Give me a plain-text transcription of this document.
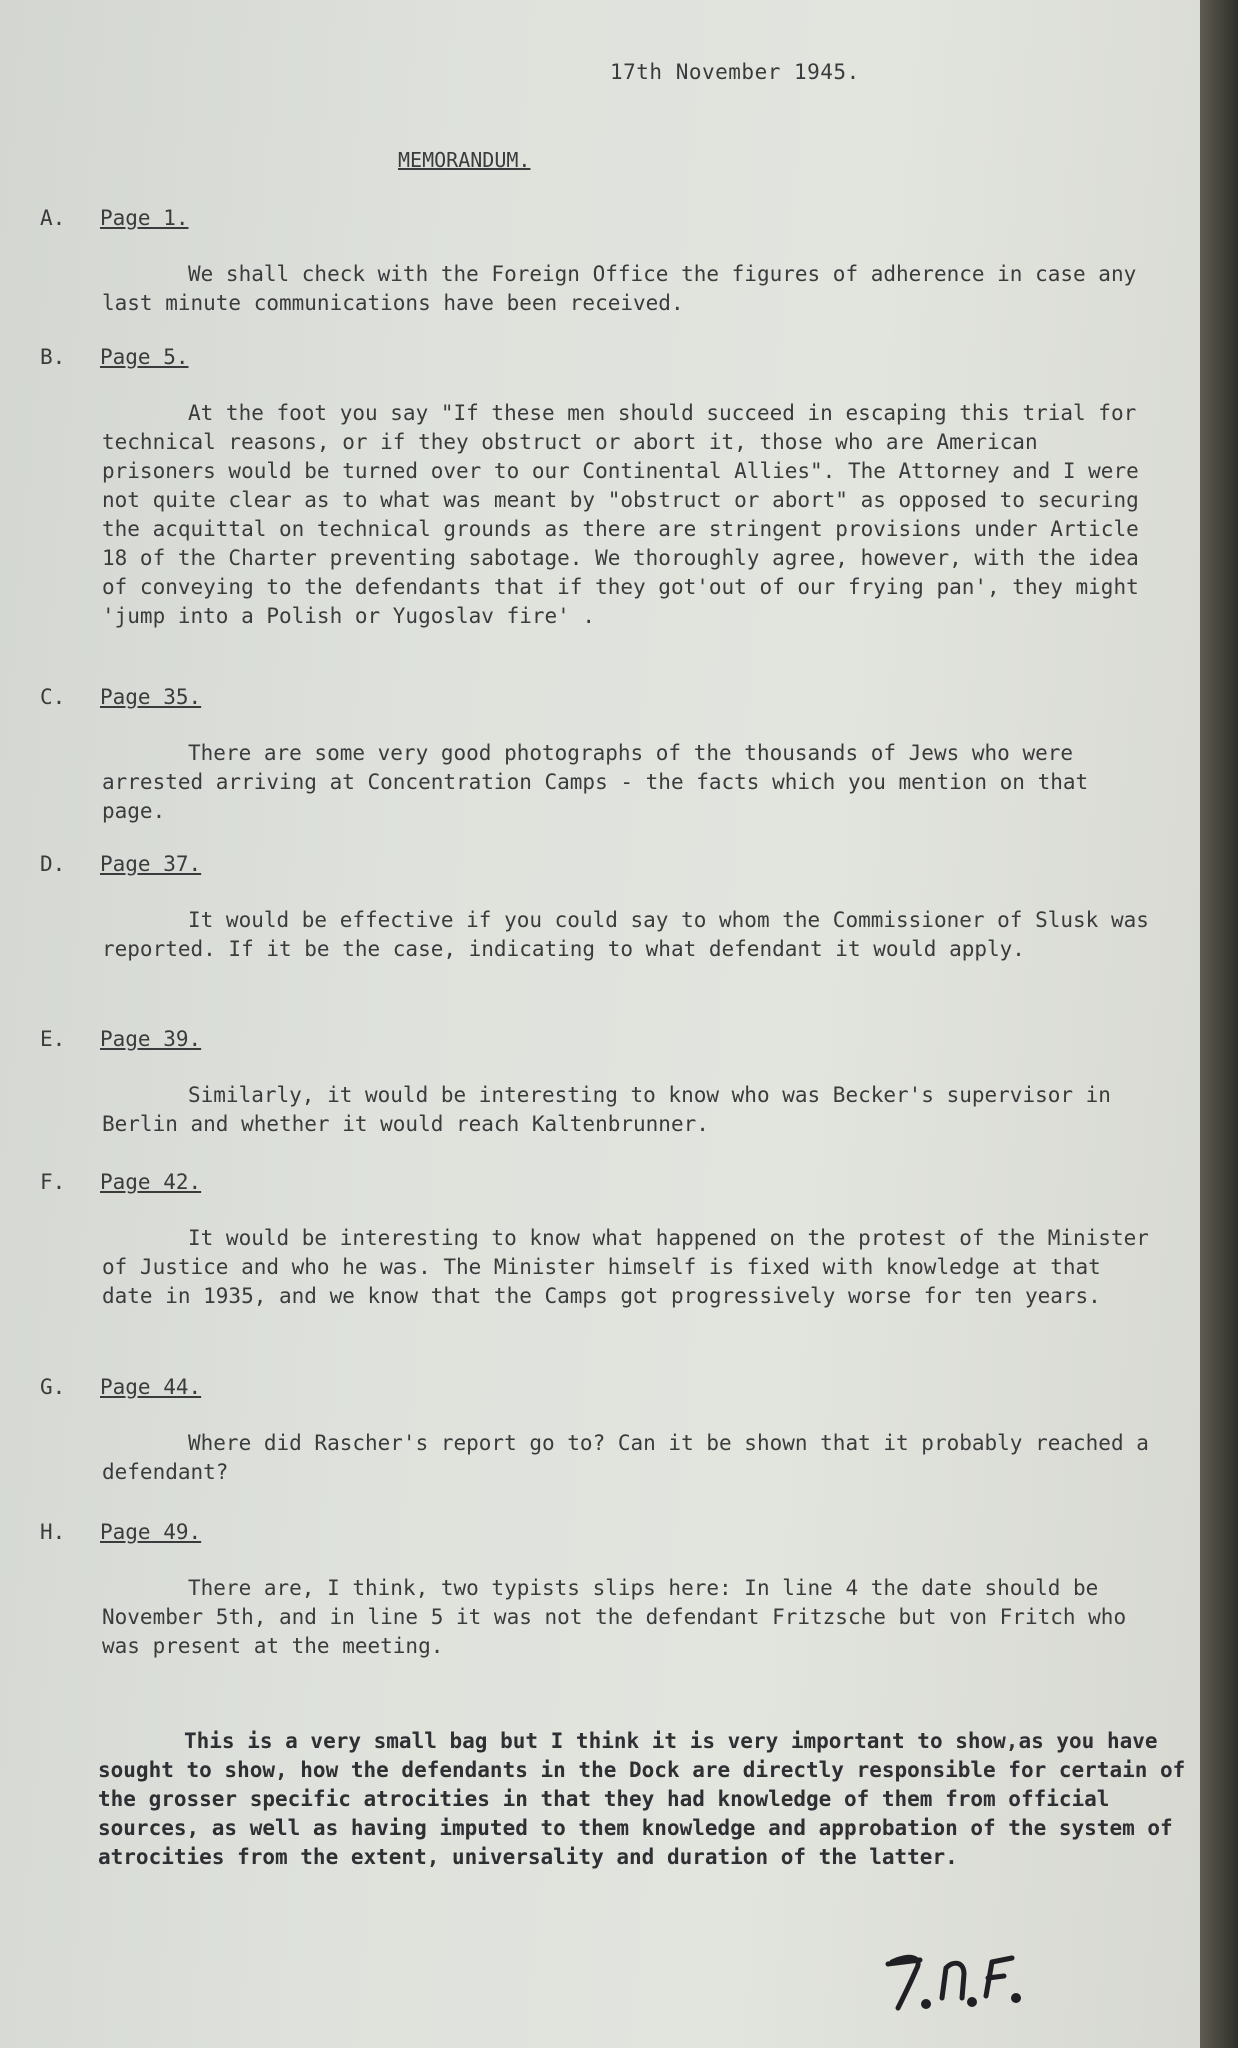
17th November 1945.

MEMORANDUM.

A. Page 1.

We shall check with the Foreign Office the figures of adherence in case any last minute communications have been received.

B. Page 5.

At the foot you say "If these men should succeed in escaping this trial for technical reasons, or if they obstruct or abort it, those who are American prisoners would be turned over to our Continental Allies". The Attorney and I were not quite clear as to what was meant by "obstruct or abort" as opposed to securing the acquittal on technical grounds as there are stringent provisions under Article 18 of the Charter preventing sabotage. We thoroughly agree, however, with the idea of conveying to the defendants that if they got'out of our frying pan', they might 'jump into a Polish or Yugoslav fire' .

C. Page 35.

There are some very good photographs of the thousands of Jews who were arrested arriving at Concentration Camps - the facts which you mention on that page.

D. Page 37.

It would be effective if you could say to whom the Commissioner of Slusk was reported. If it be the case, indicating to what defendant it would apply.

E. Page 39.

Similarly, it would be interesting to know who was Becker's supervisor in Berlin and whether it would reach Kaltenbrunner.

F. Page 42.

It would be interesting to know what happened on the protest of the Minister of Justice and who he was. The Minister himself is fixed with knowledge at that date in 1935, and we know that the Camps got progressively worse for ten years.

G. Page 44.

Where did Rascher's report go to? Can it be shown that it probably reached a defendant?

H. Page 49.

There are, I think, two typists slips here: In line 4 the date should be November 5th, and in line 5 it was not the defendant Fritzsche but von Fritch who was present at the meeting.

This is a very small bag but I think it is very important to show,as you have sought to show, how the defendants in the Dock are directly responsible for certain of the grosser specific atrocities in that they had knowledge of them from official sources, as well as having imputed to them knowledge and approbation of the system of atrocities from the extent, universality and duration of the latter.
